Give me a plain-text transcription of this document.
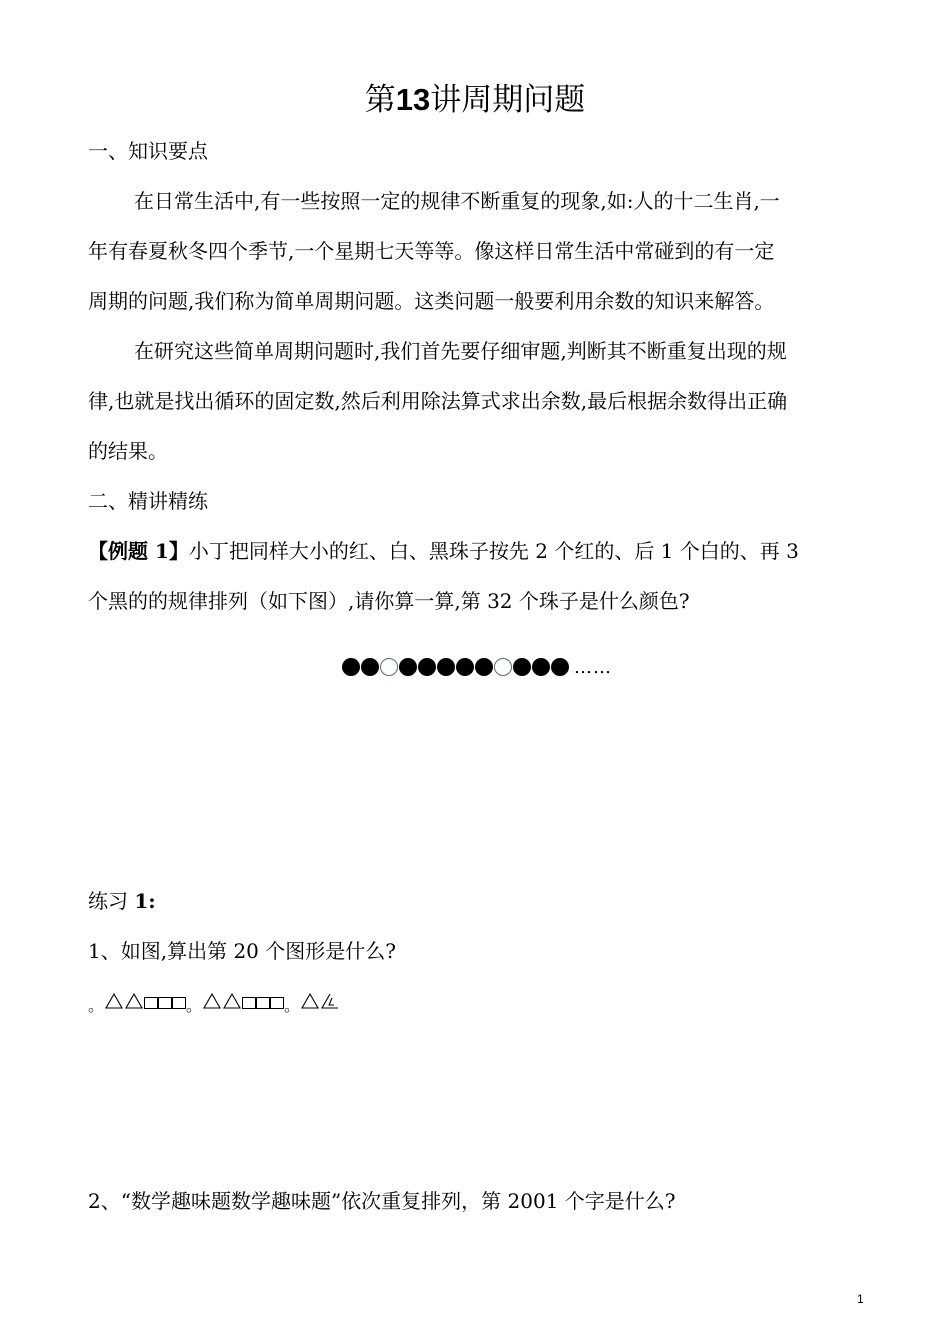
第13讲周期问题
一、知识要点
在日常生活中,有一些按照一定的规律不断重复的现象,如:人的十二生肖,一
年有春夏秋冬四个季节,一个星期七天等等。像这样日常生活中常碰到的有一定
周期的问题,我们称为简单周期问题。这类问题一般要利用余数的知识来解答。
在研究这些简单周期问题时,我们首先要仔细审题,判断其不断重复出现的规
律,也就是找出循环的固定数,然后利用除法算式求出余数,最后根据余数得出正确
的结果。
二、精讲精练
【例题 1】小丁把同样大小的红、白、黑珠子按先 2 个红的、后 1 个白的、再 3
个黑的的规律排列（如下图）,请你算一算,第 32 个珠子是什么颜色?
……
练习 1:
1、如图,算出第 20 个图形是什么?
。	。	。
2、“数学趣味题数学趣味题”依次重复排列，第 2001 个字是什么?
1
